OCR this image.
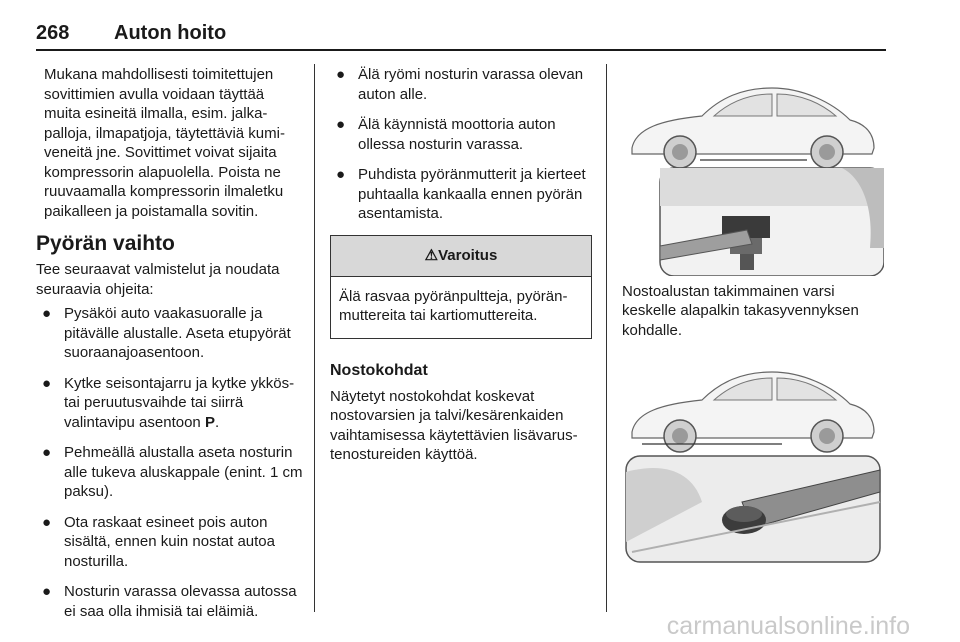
268 Auton hoito

Mukana mahdollisesti toimitettujen sovittimien avulla voidaan täyttää muita esineitä ilmalla, esim. jalkapalloja, ilmapatjoja, täytettäviä kumiveneitä jne. Sovittimet voivat sijaita kompressorin alapuolella. Poista ne ruuvaamalla kompressorin ilmaletku paikalleen ja poistamalla sovitin.

Pyörän vaihto

Tee seuraavat valmistelut ja noudata seuraavia ohjeita:

● Pysäköi auto vaakasuoralle ja pitävälle alustalle. Aseta etupyörät suoraanajoasentoon.
● Kytke seisontajarru ja kytke ykkös- tai peruutusvaihde tai siirrä valintavipu asentoon P.
● Pehmeällä alustalla aseta nosturin alle tukeva aluskappale (enint. 1 cm paksu).
● Ota raskaat esineet pois auton sisältä, ennen kuin nostat autoa nosturilla.
● Nosturin varassa olevassa autossa ei saa olla ihmisiä tai eläimiä.
● Älä ryömi nosturin varassa olevan auton alle.
● Älä käynnistä moottoria auton ollessa nosturin varassa.
● Puhdista pyöränmutterit ja kierteet puhtaalla kankaalla ennen pyörän asentamista.
⚠Varoitus
Älä rasvaa pyöränpultteja, pyöränmuttereita tai kartiomuttereita.
Nostokohdat

Näytetyt nostokohdat koskevat nostovarsien ja talvi/kesärenkaiden vaihtamisessa käytettävien lisävarustenostureiden käyttöä.

Nostoalustan takimmainen varsi keskelle alapalkin takasyvennyksen kohdalle.

carmanualsonline.info
